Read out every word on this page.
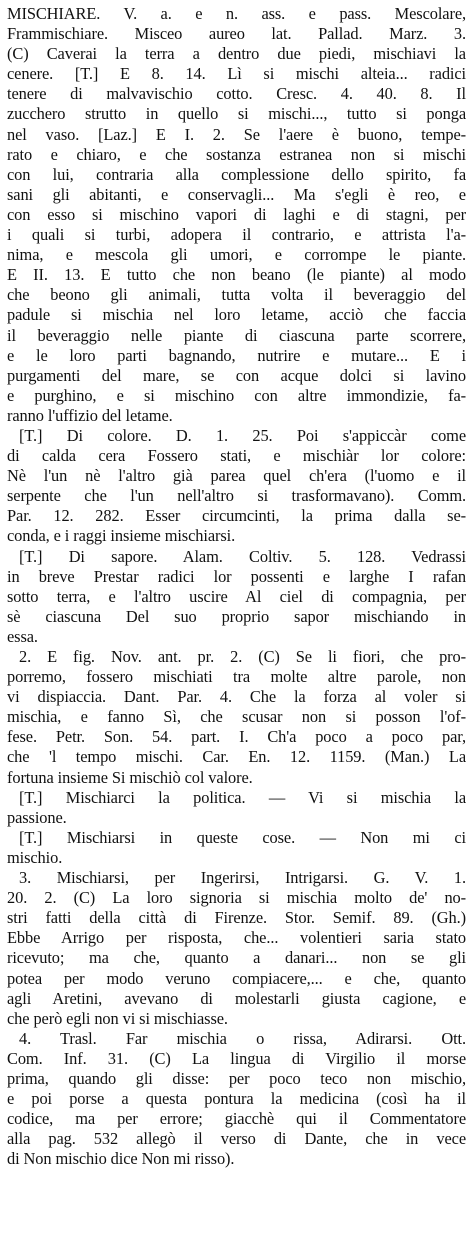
MISCHIARE. V. a. e n. ass. e pass. Mescolare,
Frammischiare. Misceo aureo lat. Pallad. Marz. 3.
(C) Caverai la terra a dentro due piedi, mischiavi la
cenere. [T.] E 8. 14. Lì si mischi alteia... radici
tenere di malvavischio cotto. Cresc. 4. 40. 8. Il
zucchero strutto in quello si mischi..., tutto si ponga
nel vaso. [Laz.] E I. 2. Se l'aere è buono, tempe-
rato e chiaro, e che sostanza estranea non si mischi
con lui, contraria alla complessione dello spirito, fa
sani gli abitanti, e conservagli... Ma s'egli è reo, e
con esso si mischino vapori di laghi e di stagni, per
i quali si turbi, adopera il contrario, e attrista l'a-
nima, e mescola gli umori, e corrompe le piante.
E II. 13. E tutto che non beano (le piante) al modo
che beono gli animali, tutta volta il beveraggio del
padule si mischia nel loro letame, acciò che faccia
il beveraggio nelle piante di ciascuna parte scorrere,
e le loro parti bagnando, nutrire e mutare... E i
purgamenti del mare, se con acque dolci si lavino
e purghino, e si mischino con altre immondizie, fa-
ranno l'uffizio del letame.
[T.] Di colore. D. 1. 25. Poi s'appiccàr come
di calda cera Fossero stati, e mischiàr lor colore:
Nè l'un nè l'altro già parea quel ch'era (l'uomo e il
serpente che l'un nell'altro si trasformavano). Comm.
Par. 12. 282. Esser circumcinti, la prima dalla se-
conda, e i raggi insieme mischiarsi.
[T.] Di sapore. Alam. Coltiv. 5. 128. Vedrassi
in breve Prestar radici lor possenti e larghe I rafan
sotto terra, e l'altro uscire Al ciel di compagnia, per
sè ciascuna Del suo proprio sapor mischiando in
essa.
2. E fig. Nov. ant. pr. 2. (C) Se li fiori, che pro-
porremo, fossero mischiati tra molte altre parole, non
vi dispiaccia. Dant. Par. 4. Che la forza al voler si
mischia, e fanno Sì, che scusar non si posson l'of-
fese. Petr. Son. 54. part. I. Ch'a poco a poco par,
che 'l tempo mischi. Car. En. 12. 1159. (Man.) La
fortuna insieme Si mischiò col valore.
[T.] Mischiarci la politica. — Vi si mischia la
passione.
[T.] Mischiarsi in queste cose. — Non mi ci
mischio.
3. Mischiarsi, per Ingerirsi, Intrigarsi. G. V. 1.
20. 2. (C) La loro signoria si mischia molto de' no-
stri fatti della città di Firenze. Stor. Semif. 89. (Gh.)
Ebbe Arrigo per risposta, che... volentieri saria stato
ricevuto; ma che, quanto a danari... non se gli
potea per modo veruno compiacere,... e che, quanto
agli Aretini, avevano di molestarli giusta cagione, e
che però egli non vi si mischiasse.
4. Trasl. Far mischia o rissa, Adirarsi. Ott.
Com. Inf. 31. (C) La lingua di Virgilio il morse
prima, quando gli disse: per poco teco non mischio,
e poi porse a questa pontura la medicina (così ha il
codice, ma per errore; giacchè qui il Commentatore
alla pag. 532 allegò il verso di Dante, che in vece
di Non mischio dice Non mi risso).
